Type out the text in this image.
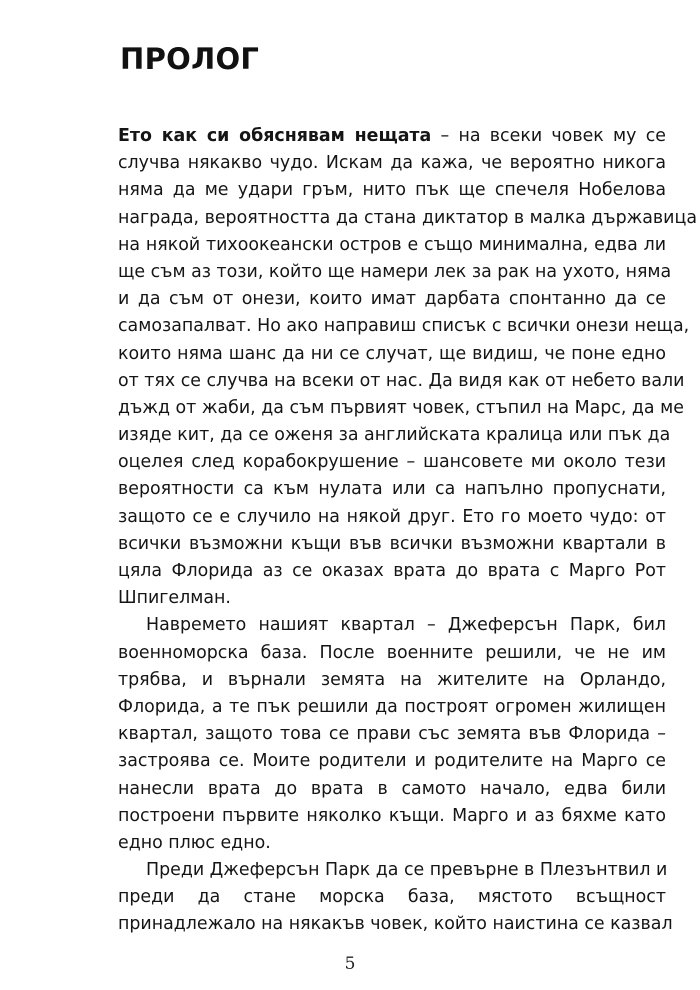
ПРОЛОГ
Ето как си обяснявам нещата – на всеки човек му се
случва някакво чудо. Искам да кажа, че вероятно никога
няма да ме удари гръм, нито пък ще спечеля Нобелова
награда, вероятността да стана диктатор в малка държавица
на някой тихоокеански остров е също минимална, едва ли
ще съм аз този, който ще намери лек за рак на ухото, няма
и да съм от онези, които имат дарбата спонтанно да се
самозапалват. Но ако направиш списък с всички онези неща,
които няма шанс да ни се случат, ще видиш, че поне едно
от тях се случва на всеки от нас. Да видя как от небето вали
дъжд от жаби, да съм първият човек, стъпил на Марс, да ме
изяде кит, да се оженя за английската кралица или пък да
оцелея след корабокрушение – шансовете ми около тези
вероятности са към нулата или са напълно пропуснати,
защото се е случило на някой друг. Ето го моето чудо: от
всички възможни къщи във всички възможни квартали в
цяла Флорида аз се оказах врата до врата с Марго Рот
Шпигелман.
Навремето нашият квартал – Джеферсън Парк, бил
военноморска база. После военните решили, че не им
трябва, и върнали земята на жителите на Орландо,
Флорида, а те пък решили да построят огромен жилищен
квартал, защото това се прави със земята във Флорида –
застроява се. Моите родители и родителите на Марго се
нанесли врата до врата в самото начало, едва били
построени първите няколко къщи. Марго и аз бяхме като
едно плюс едно.
Преди Джеферсън Парк да се превърне в Плезънтвил и
преди да стане морска база, мястото всъщност
принадлежало на някакъв човек, който наистина се казвал
5
